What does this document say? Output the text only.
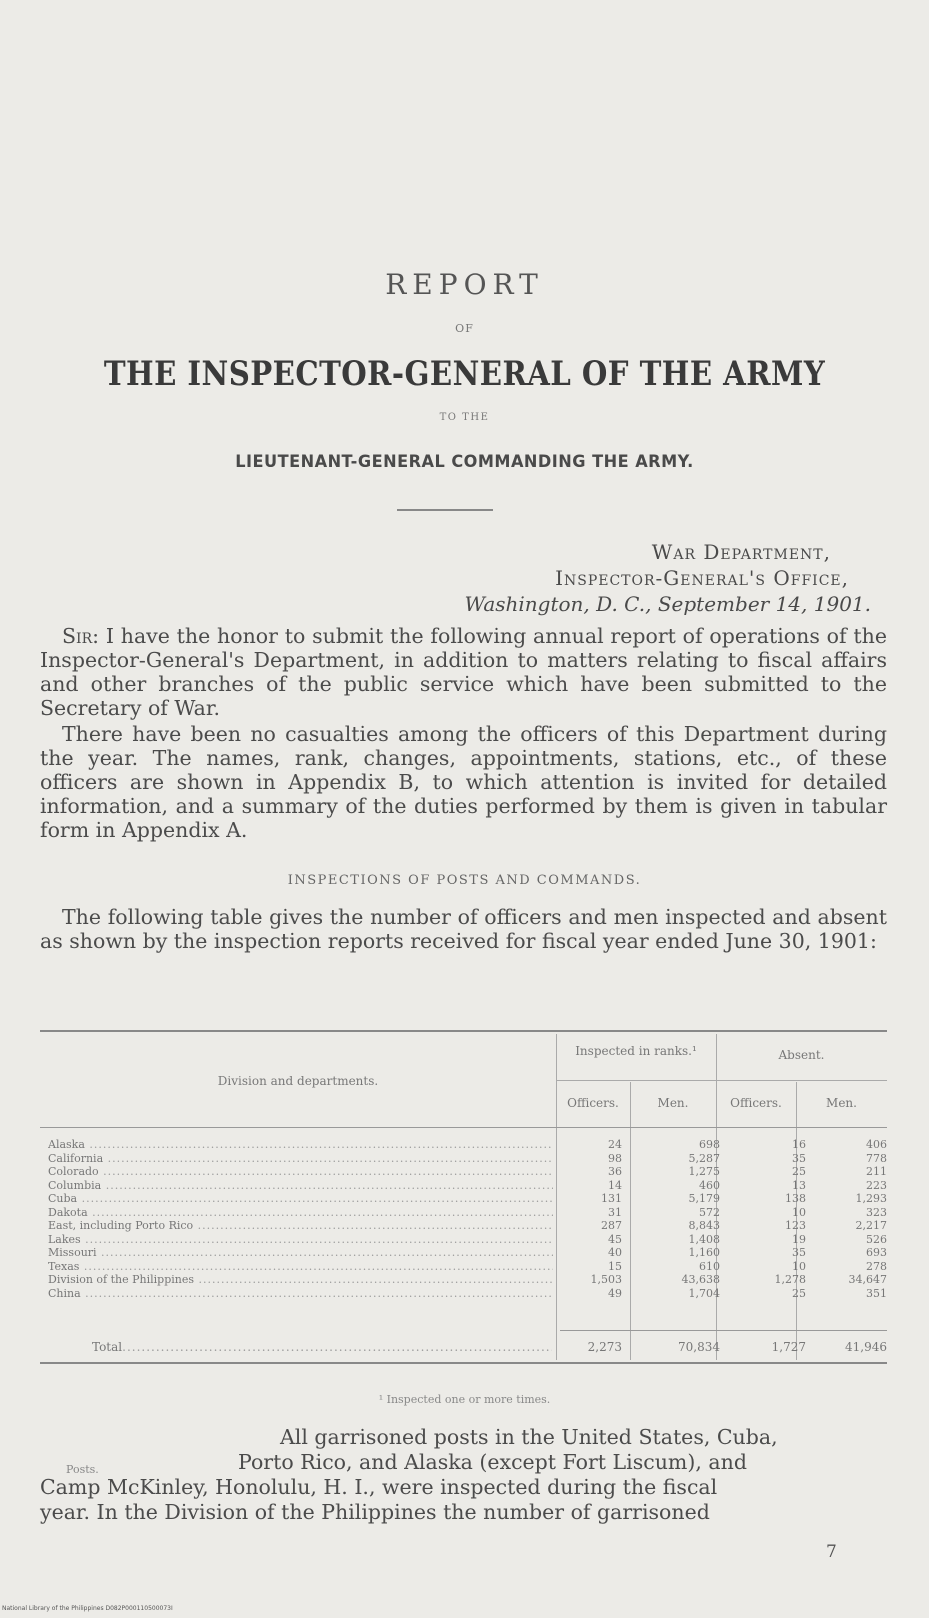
REPORT
OF
THE INSPECTOR-GENERAL OF THE ARMY
TO THE
LIEUTENANT-GENERAL COMMANDING THE ARMY.
War Department,
Inspector-General's Office,
Washington, D. C., September 14, 1901.
Sir: I have the honor to submit the following annual report of operations of the Inspector-General's Department, in addition to matters relating to fiscal affairs and other branches of the public service which have been submitted to the Secretary of War.
There have been no casualties among the officers of this Department during the year. The names, rank, changes, appointments, stations, etc., of these officers are shown in Appendix B, to which attention is invited for detailed information, and a summary of the duties performed by them is given in tabular form in Appendix A.
INSPECTIONS OF POSTS AND COMMANDS.
The following table gives the number of officers and men inspected and absent as shown by the inspection reports received for fiscal year ended June 30, 1901:
Division and departments.
Inspected in ranks.¹	Absent.
Officers.	Men.	Officers.	Men.
Alaska .....	24	698	16	406
California .....	98	5,287	35	778
Colorado .....	36	1,275	25	211
Columbia .....	14	460	13	223
Cuba .....	131	5,179	138	1,293
Dakota .....	31	572	10	323
East, including Porto Rico .....	287	8,843	123	2,217
Lakes .....	45	1,408	19	526
Missouri .....	40	1,160	35	693
Texas .....	15	610	10	278
Division of the Philippines .....	1,503	43,638	1,278	34,647
China .....	49	1,704	25	351
Total .....	2,273	70,834	1,727	41,946
¹ Inspected one or more times.
Posts.
All garrisoned posts in the United States, Cuba,
Porto Rico, and Alaska (except Fort Liscum), and
Camp McKinley, Honolulu, H. I., were inspected during the fiscal
year. In the Division of the Philippines the number of garrisoned
7
National Library of the Philippines D082P000110500073I
